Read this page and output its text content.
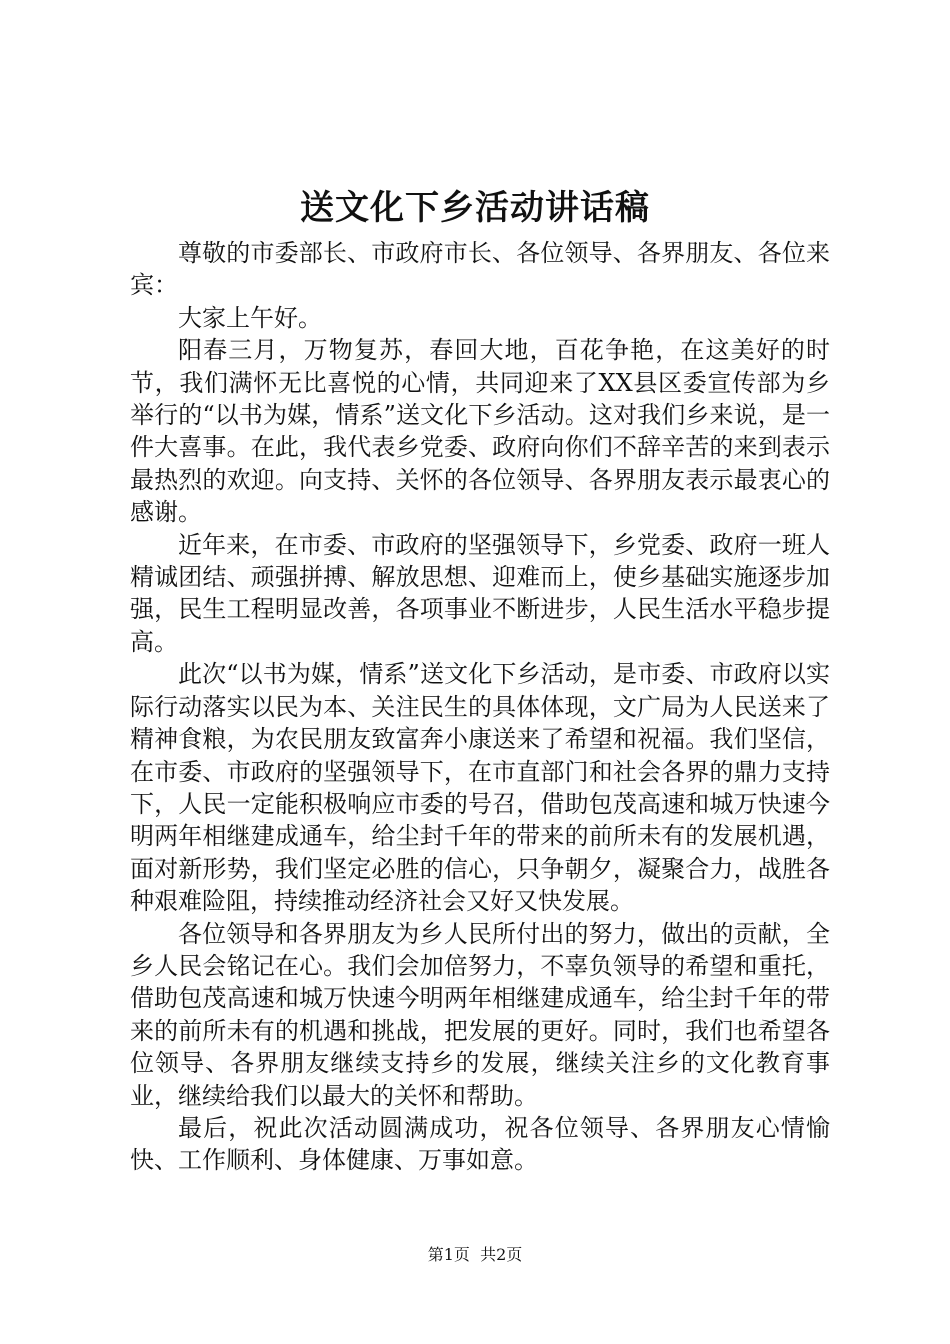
送文化下乡活动讲话稿

尊敬的市委部长、市政府市长、各位领导、各界朋友、各位来宾：

大家上午好。

阳春三月，万物复苏，春回大地，百花争艳，在这美好的时节，我们满怀无比喜悦的心情，共同迎来了XX县区委宣传部为乡举行的“以书为媒，情系”送文化下乡活动。这对我们乡来说，是一件大喜事。在此，我代表乡党委、政府向你们不辞辛苦的来到表示最热烈的欢迎。向支持、关怀的各位领导、各界朋友表示最衷心的感谢。

近年来，在市委、市政府的坚强领导下，乡党委、政府一班人精诚团结、顽强拼搏、解放思想、迎难而上，使乡基础实施逐步加强，民生工程明显改善，各项事业不断进步，人民生活水平稳步提高。

此次“以书为媒，情系”送文化下乡活动，是市委、市政府以实际行动落实以民为本、关注民生的具体体现，文广局为人民送来了精神食粮，为农民朋友致富奔小康送来了希望和祝福。我们坚信，在市委、市政府的坚强领导下，在市直部门和社会各界的鼎力支持下，人民一定能积极响应市委的号召，借助包茂高速和城万快速今明两年相继建成通车，给尘封千年的带来的前所未有的发展机遇，面对新形势，我们坚定必胜的信心，只争朝夕，凝聚合力，战胜各种艰难险阻，持续推动经济社会又好又快发展。

各位领导和各界朋友为乡人民所付出的努力，做出的贡献，全乡人民会铭记在心。我们会加倍努力，不辜负领导的希望和重托，借助包茂高速和城万快速今明两年相继建成通车，给尘封千年的带来的前所未有的机遇和挑战，把发展的更好。同时，我们也希望各位领导、各界朋友继续支持乡的发展，继续关注乡的文化教育事业，继续给我们以最大的关怀和帮助。

最后，祝此次活动圆满成功，祝各位领导、各界朋友心情愉快、工作顺利、身体健康、万事如意。

第1页 共2页
